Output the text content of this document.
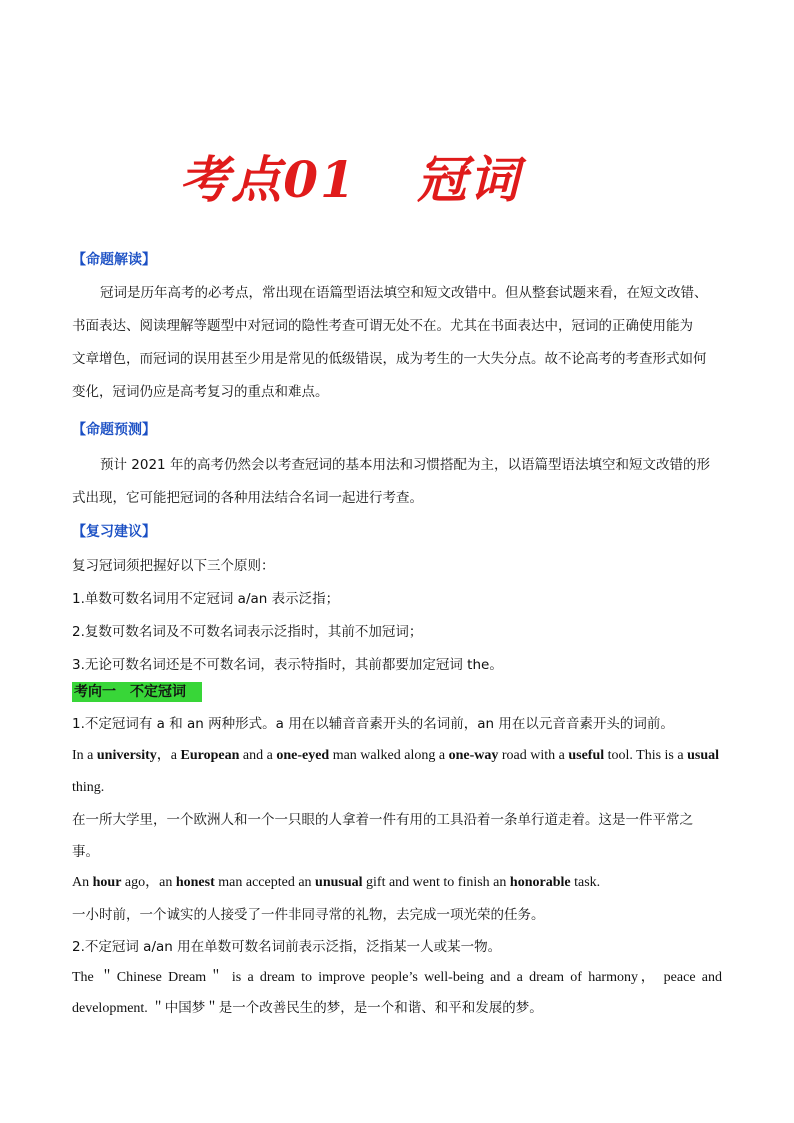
考点01 冠词
【命题解读】
冠词是历年高考的必考点，常出现在语篇型语法填空和短文改错中。但从整套试题来看，在短文改错、
书面表达、阅读理解等题型中对冠词的隐性考查可谓无处不在。尤其在书面表达中，冠词的正确使用能为
文章增色，而冠词的误用甚至少用是常见的低级错误，成为考生的一大失分点。故不论高考的考查形式如何
变化，冠词仍应是高考复习的重点和难点。
【命题预测】
预计 2021 年的高考仍然会以考查冠词的基本用法和习惯搭配为主，以语篇型语法填空和短文改错的形
式出现，它可能把冠词的各种用法结合名词一起进行考查。
【复习建议】
复习冠词须把握好以下三个原则：
1.单数可数名词用不定冠词 a/an 表示泛指；
2.复数可数名词及不可数名词表示泛指时，其前不加冠词；
3.无论可数名词还是不可数名词，表示特指时，其前都要加定冠词 the。
考向一　不定冠词
1.不定冠词有 a 和 an 两种形式。a 用在以辅音音素开头的名词前，an 用在以元音音素开头的词前。
In a university，a European and a one-eyed man walked along a one-way road with a useful tool. This is a usual
thing.
在一所大学里，一个欧洲人和一个一只眼的人拿着一件有用的工具沿着一条单行道走着。这是一件平常之
事。
An hour ago，an honest man accepted an unusual gift and went to finish an honorable task.
一小时前，一个诚实的人接受了一件非同寻常的礼物，去完成一项光荣的任务。
2.不定冠词 a/an 用在单数可数名词前表示泛指，泛指某一人或某一物。
The ＂Chinese Dream＂ is a dream to improve people’s well-being and a dream of harmony， peace and
development. ＂中国梦＂是一个改善民生的梦，是一个和谐、和平和发展的梦。
